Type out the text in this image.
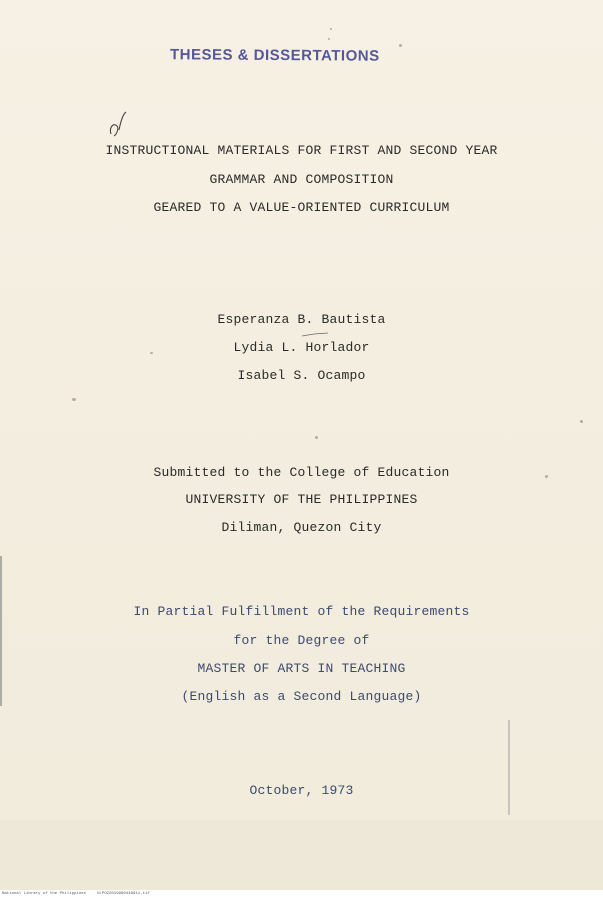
THESES & DISSERTATIONS
INSTRUCTIONAL MATERIALS FOR FIRST AND SECOND YEAR
GRAMMAR AND COMPOSITION
GEARED TO A VALUE-ORIENTED CURRICULUM
Esperanza B. Bautista
Lydia L. Horlador
Isabel S. Ocampo
Submitted to the College of Education
UNIVERSITY OF THE PHILIPPINES
Diliman, Quezon City
In Partial Fulfillment of the Requirements
for the Degree of
MASTER OF ARTS IN TEACHING
(English as a Second Language)
October, 1973
National Library of the Philippines	ULPOZZ019990449911.tif
